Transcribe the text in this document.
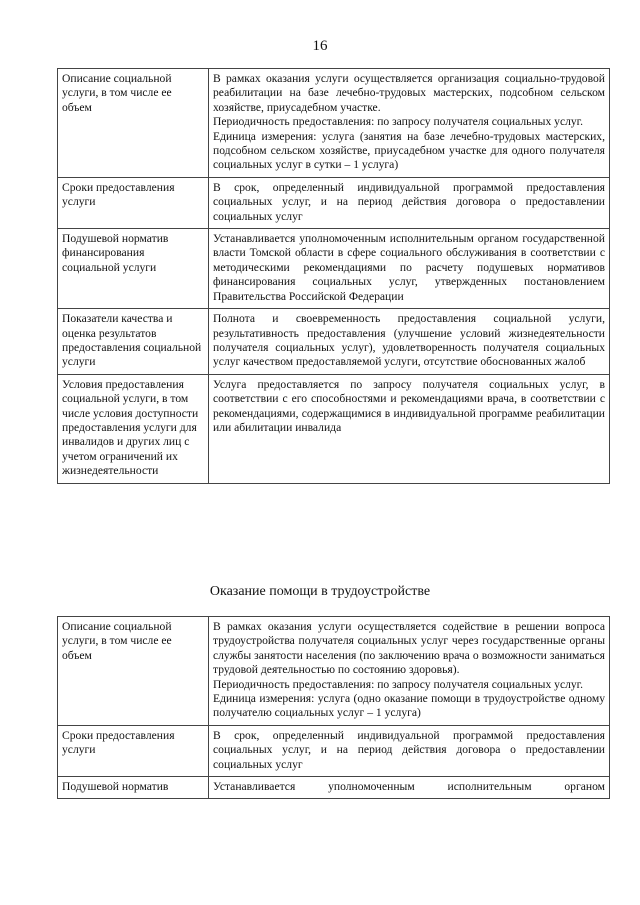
16
Описание социальной услуги, в том числе ее объем	В рамках оказания услуги осуществляется организация социально-трудовой реабилитации на базе лечебно-трудовых мастерских, подсобном сельском хозяйстве, приусадебном участке.

Периодичность предоставления: по запросу получателя социальных услуг.

Единица измерения: услуга (занятия на базе лечебно-трудовых мастерских, подсобном сельском хозяйстве, приусадебном участке для одного получателя социальных услуг в сутки – 1 услуга)

Сроки предоставления услуги	В срок, определенный индивидуальной программой предоставления социальных услуг, и на период действия договора о предоставлении социальных услуг

Подушевой норматив финансирования социальной услуги	Устанавливается уполномоченным исполнительным органом государственной власти Томской области в сфере социального обслуживания в соответствии с методическими рекомендациями по расчету подушевых нормативов финансирования социальных услуг, утвержденных постановлением Правительства Российской Федерации

Показатели качества и оценка результатов предоставления социальной услуги	Полнота и своевременность предоставления социальной услуги, результативность предоставления (улучшение условий жизнедеятельности получателя социальных услуг), удовлетворенность получателя социальных услуг качеством предоставляемой услуги, отсутствие обоснованных жалоб

Условия предоставления социальной услуги, в том числе условия доступности предоставления услуги для инвалидов и других лиц с учетом ограничений их жизнедеятельности	Услуга предоставляется по запросу получателя социальных услуг, в соответствии с его способностями и рекомендациями врача, в соответствии с рекомендациями, содержащимися в индивидуальной программе реабилитации или абилитации инвалида

Оказание помощи в трудоустройстве
Описание социальной услуги, в том числе ее объем	В рамках оказания услуги осуществляется содействие в решении вопроса трудоустройства получателя социальных услуг через государственные органы службы занятости населения (по заключению врача о возможности заниматься трудовой деятельностью по состоянию здоровья).

Периодичность предоставления: по запросу получателя социальных услуг.

Единица измерения: услуга (одно оказание помощи в трудоустройстве одному получателю социальных услуг – 1 услуга)

Сроки предоставления услуги	В срок, определенный индивидуальной программой предоставления социальных услуг, и на период действия договора о предоставлении социальных услуг

Подушевой норматив	Устанавливается уполномоченным исполнительным органом
